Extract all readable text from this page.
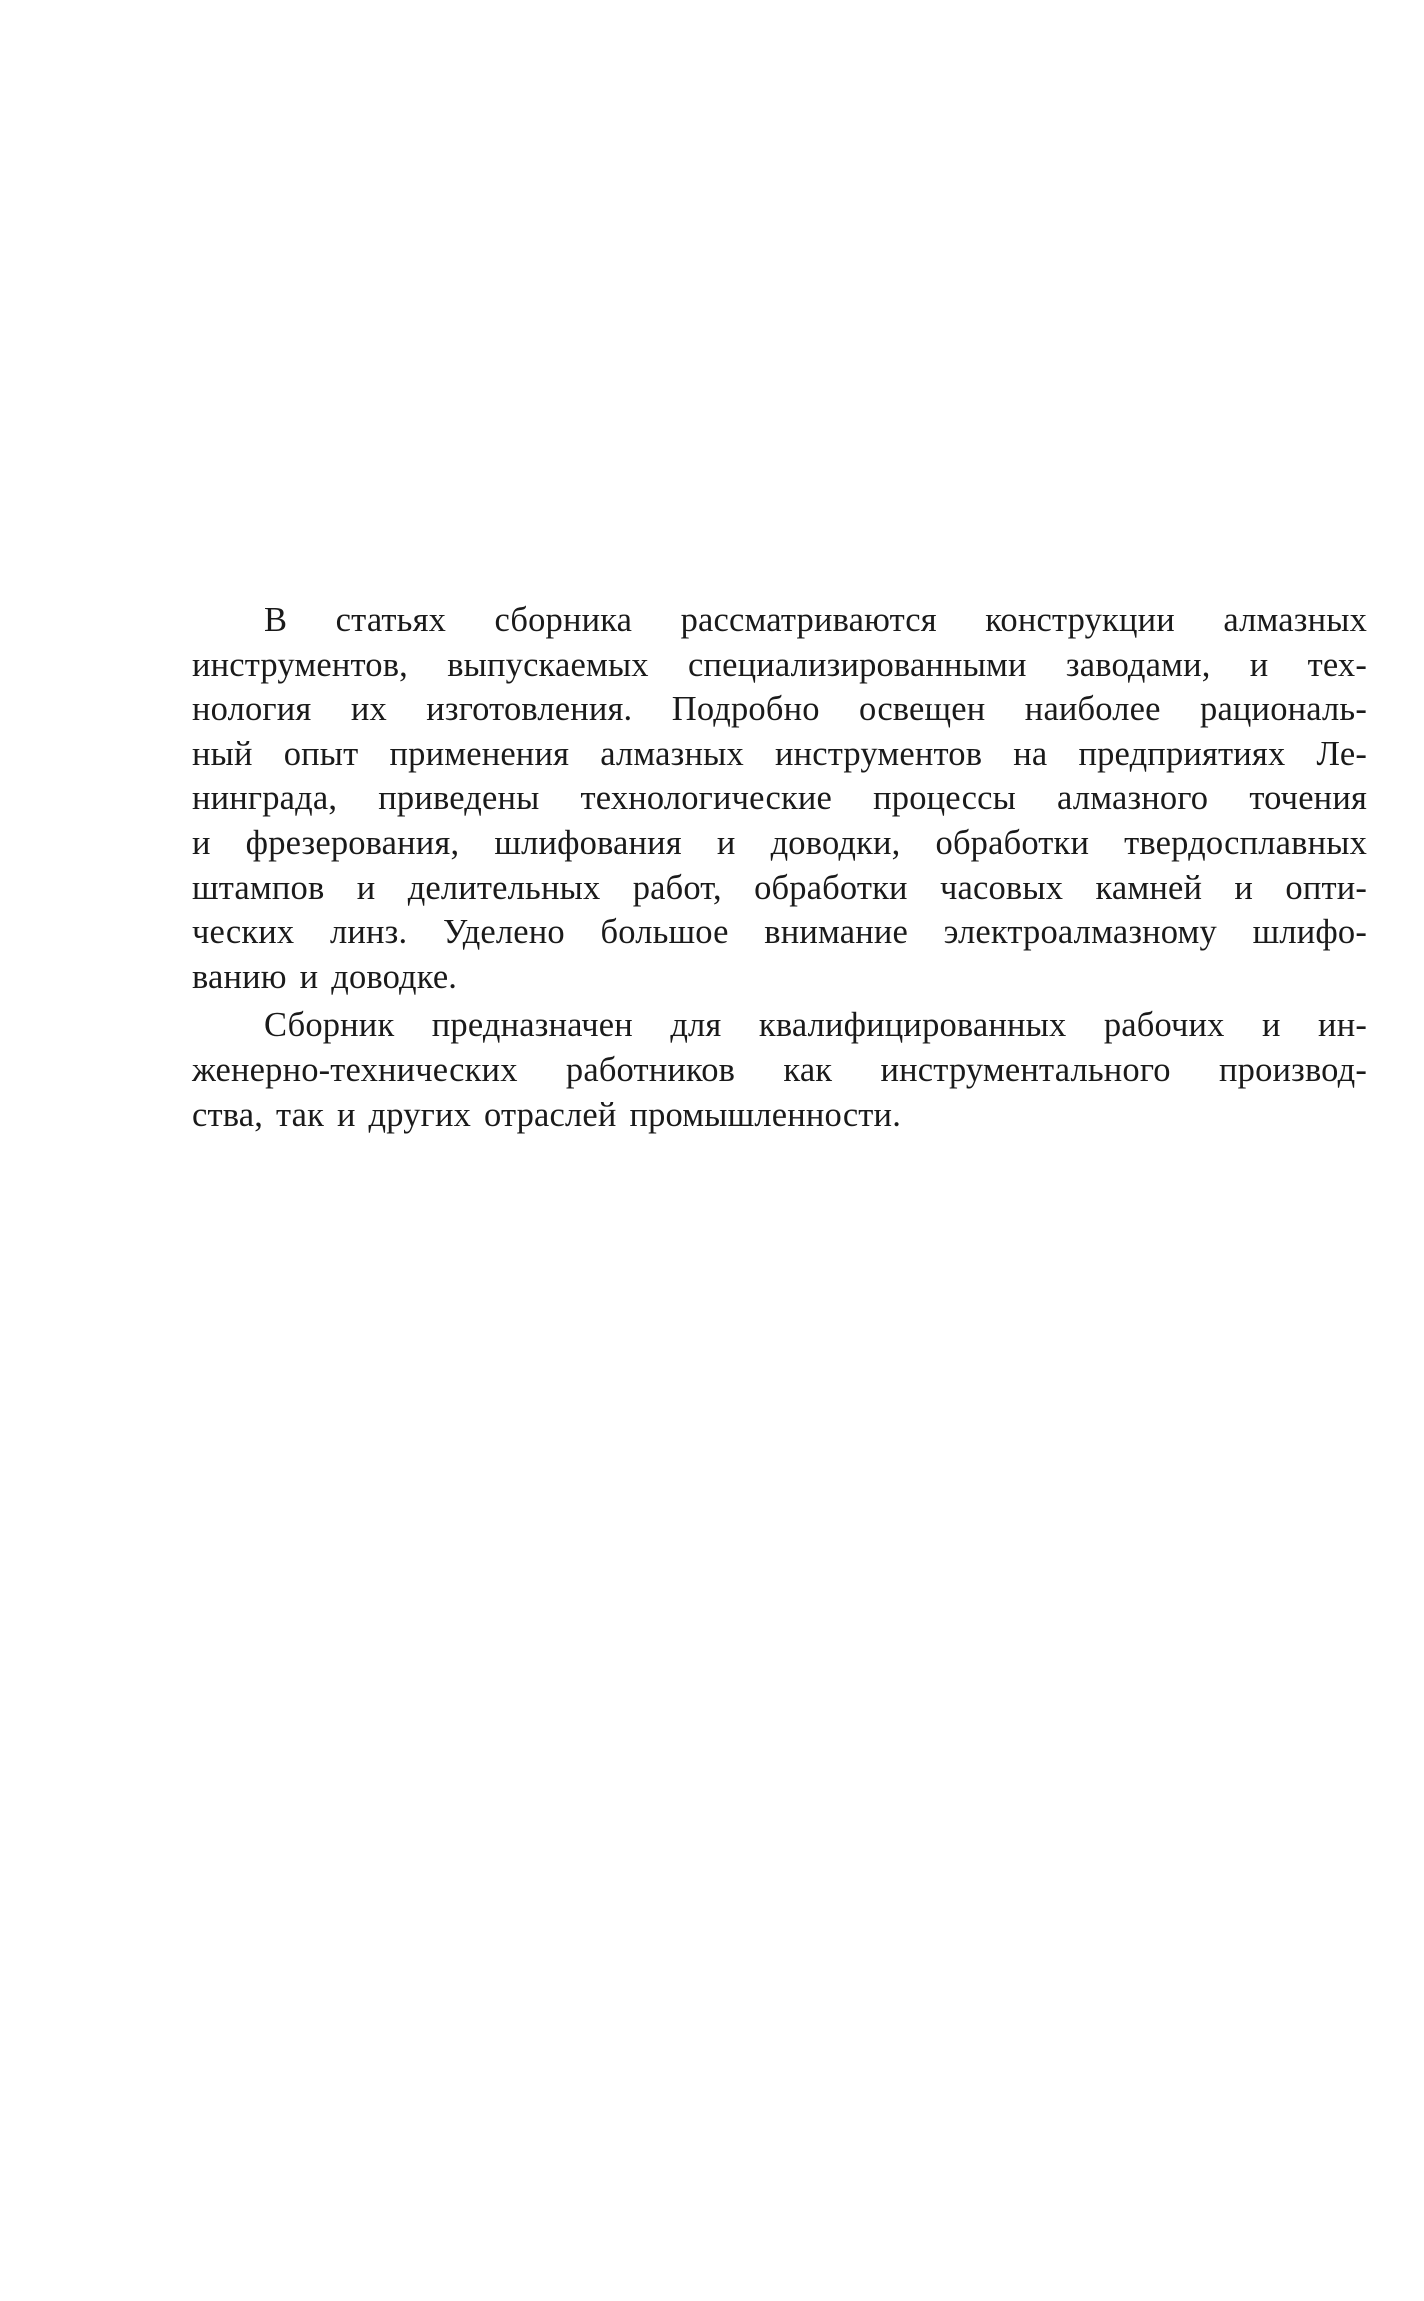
В статьях сборника рассматриваются конструкции алмазных
инструментов, выпускаемых специализированными заводами, и тех-
нология их изготовления. Подробно освещен наиболее рациональ-
ный опыт применения алмазных инструментов на предприятиях Ле-
нинграда, приведены технологические процессы алмазного точения
и фрезерования, шлифования и доводки, обработки твердосплавных
штампов и делительных работ, обработки часовых камней и опти-
ческих линз. Уделено большое внимание электроалмазному шлифо-
ванию и доводке.
Сборник предназначен для квалифицированных рабочих и ин-
женерно-технических работников как инструментального производ-
ства, так и других отраслей промышленности.
